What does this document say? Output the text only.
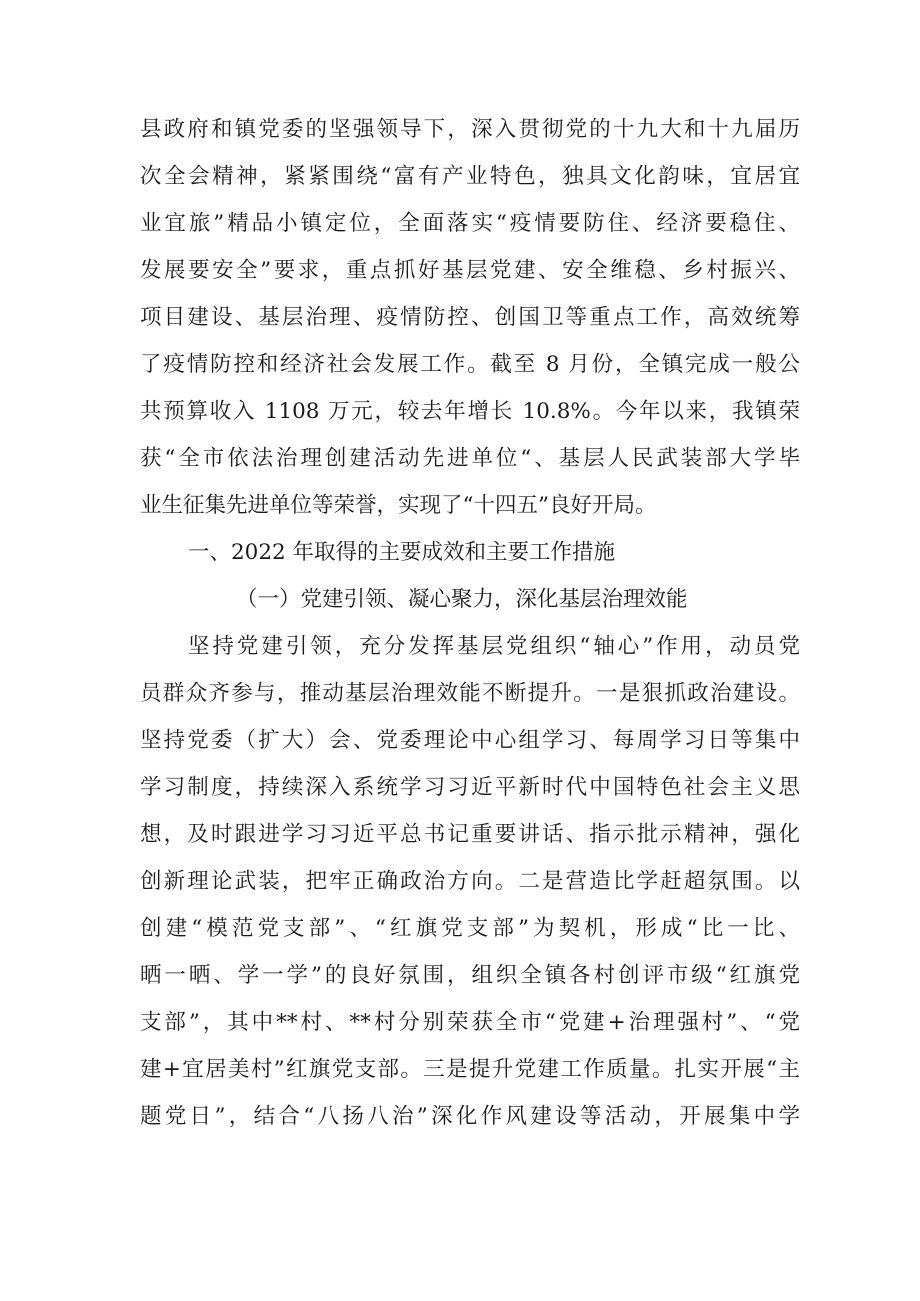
县政府和镇党委的坚强领导下，深入贯彻党的十九大和十九届历
次全会精神，紧紧围绕“富有产业特色，独具文化韵味，宜居宜
业宜旅”精品小镇定位，全面落实“疫情要防住、经济要稳住、
发展要安全”要求，重点抓好基层党建、安全维稳、乡村振兴、
项目建设、基层治理、疫情防控、创国卫等重点工作，高效统筹
了疫情防控和经济社会发展工作。截至 8 月份，全镇完成一般公
共预算收入 1108 万元，较去年增长 10.8%。今年以来，我镇荣
获“全市依法治理创建活动先进单位“、基层人民武装部大学毕
业生征集先进单位等荣誉，实现了“十四五”良好开局。
一、2022 年取得的主要成效和主要工作措施
（一）党建引领、凝心聚力，深化基层治理效能
坚持党建引领，充分发挥基层党组织“轴心”作用，动员党
员群众齐参与，推动基层治理效能不断提升。一是狠抓政治建设。
坚持党委（扩大）会、党委理论中心组学习、每周学习日等集中
学习制度，持续深入系统学习习近平新时代中国特色社会主义思
想，及时跟进学习习近平总书记重要讲话、指示批示精神，强化
创新理论武装，把牢正确政治方向。二是营造比学赶超氛围。以
创建“模范党支部”、“红旗党支部”为契机，形成“比一比、
晒一晒、学一学”的良好氛围，组织全镇各村创评市级“红旗党
支部”，其中**村、**村分别荣获全市“党建+治理强村”、“党
建+宜居美村”红旗党支部。三是提升党建工作质量。扎实开展“主
题党日”，结合“八扬八治”深化作风建设等活动，开展集中学
